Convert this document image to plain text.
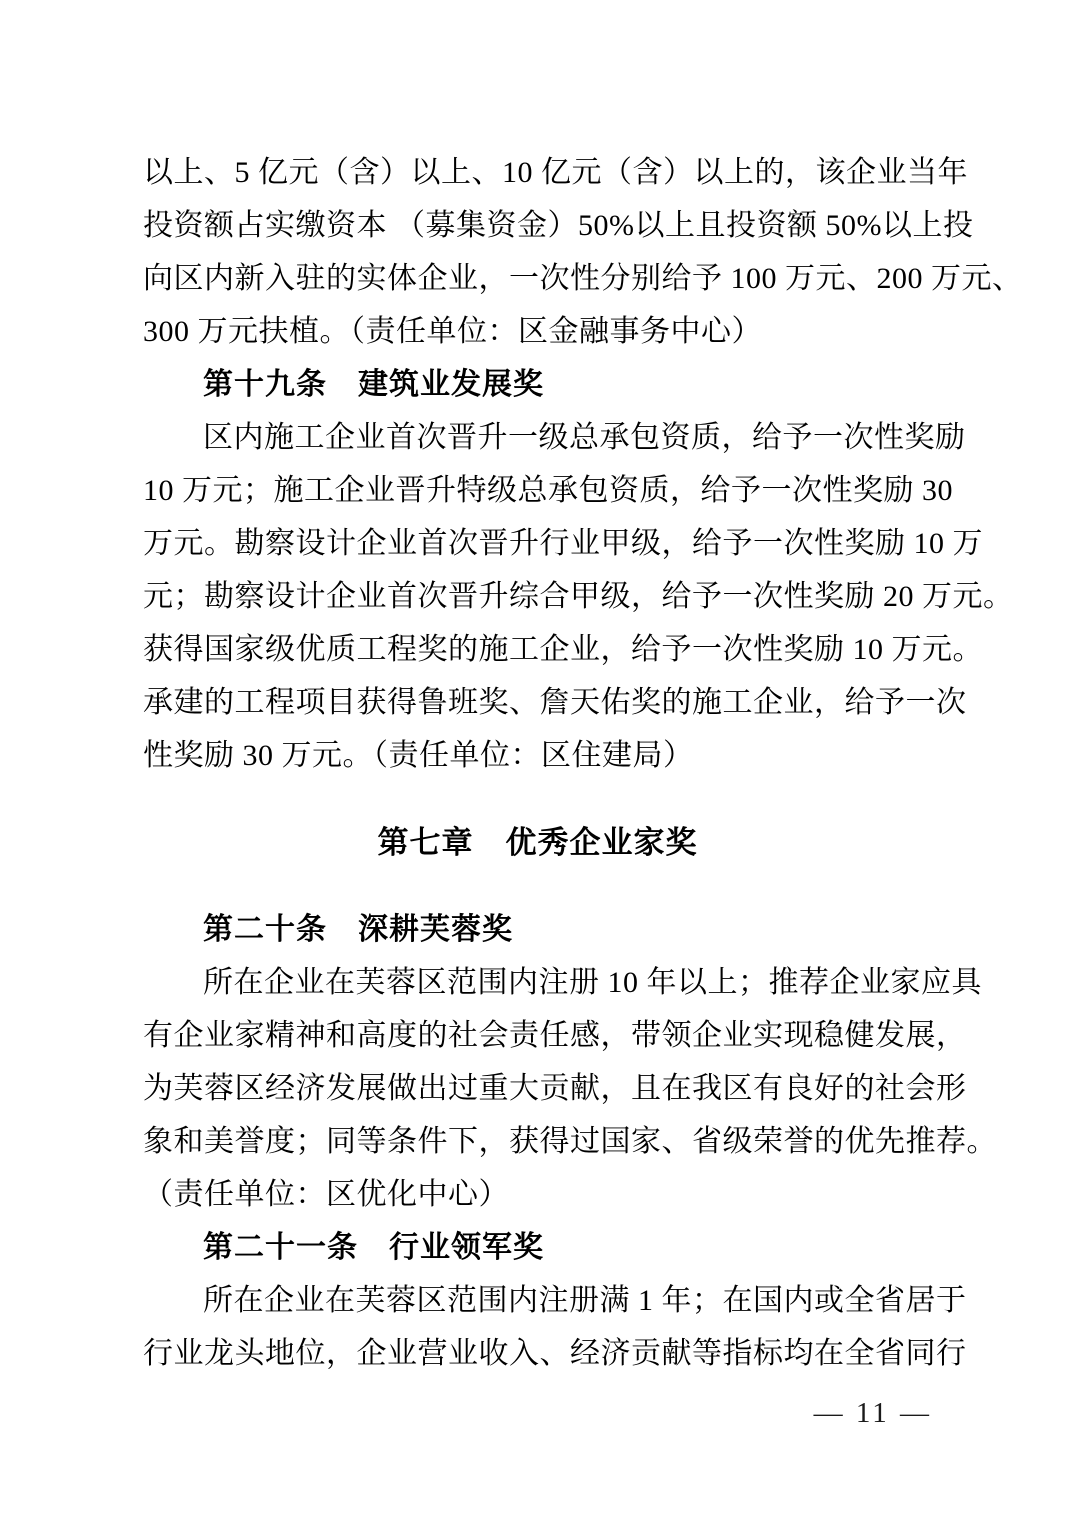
以上、5 亿元（含）以上、10 亿元（含）以上的，该企业当年
投资额占实缴资本 （募集资金）50%以上且投资额 50%以上投
向区内新入驻的实体企业，一次性分别给予 100 万元、200 万元、
300 万元扶植。（责任单位：区金融事务中心）
第十九条　建筑业发展奖
区内施工企业首次晋升一级总承包资质，给予一次性奖励
10 万元；施工企业晋升特级总承包资质，给予一次性奖励 30
万元。勘察设计企业首次晋升行业甲级，给予一次性奖励 10 万
元；勘察设计企业首次晋升综合甲级，给予一次性奖励 20 万元。
获得国家级优质工程奖的施工企业，给予一次性奖励 10 万元。
承建的工程项目获得鲁班奖、詹天佑奖的施工企业，给予一次
性奖励 30 万元。（责任单位：区住建局）
第七章　优秀企业家奖
第二十条　深耕芙蓉奖
所在企业在芙蓉区范围内注册 10 年以上；推荐企业家应具
有企业家精神和高度的社会责任感，带领企业实现稳健发展，
为芙蓉区经济发展做出过重大贡献，且在我区有良好的社会形
象和美誉度；同等条件下，获得过国家、省级荣誉的优先推荐。
（责任单位：区优化中心）
第二十一条　行业领军奖
所在企业在芙蓉区范围内注册满 1 年；在国内或全省居于
行业龙头地位，企业营业收入、经济贡献等指标均在全省同行
— 11 —
